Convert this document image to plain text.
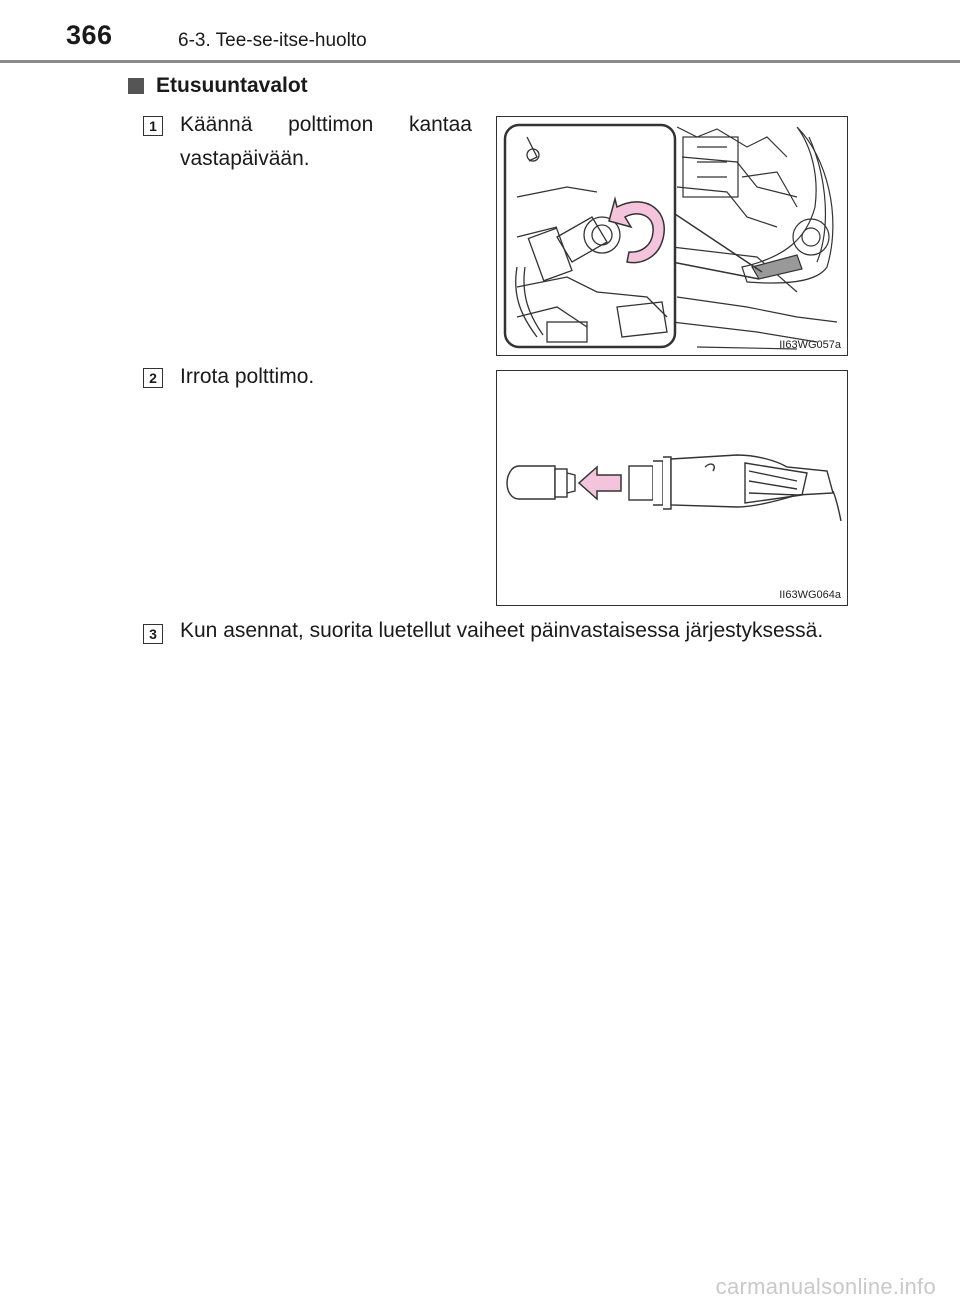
366	6-3. Tee-se-itse-huolto
Etusuuntavalot
1 Käännä polttimon kantaa vastapäivään.
II63WG057a
2 Irrota polttimo.
II63WG064a
3 Kun asennat, suorita luetellut vaiheet päinvastaisessa järjestyksessä.
carmanualsonline.info
